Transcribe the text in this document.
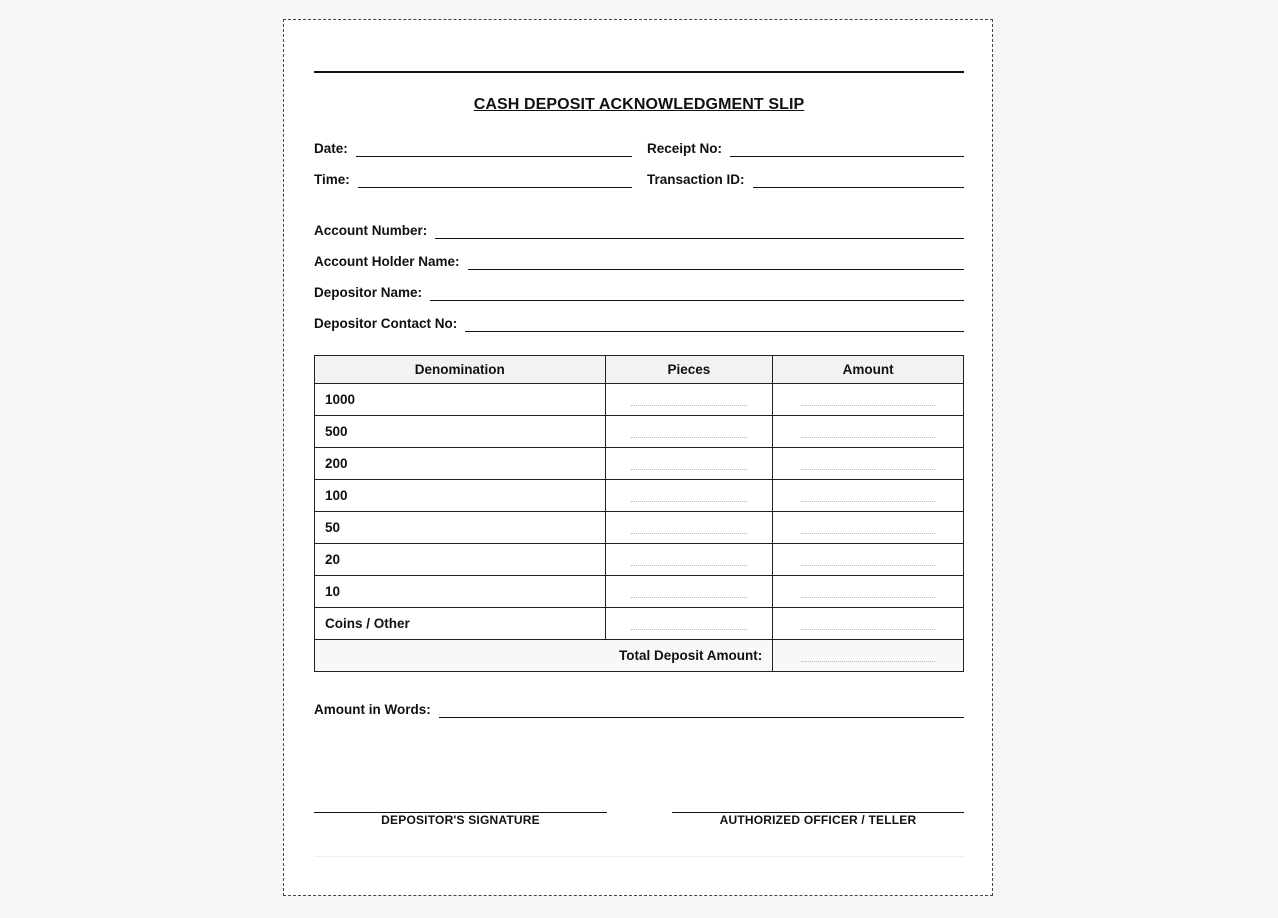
CASH DEPOSIT ACKNOWLEDGMENT SLIP
Date:	Receipt No:
Time:	Transaction ID:
Account Number:
Account Holder Name:
Depositor Name:
Depositor Contact No:
Denomination	Pieces	Amount
1000	

500	

200	

100	

50	

20	

10	

Coins / Other	

Total Deposit Amount:		
Amount in Words:
DEPOSITOR'S SIGNATURE	AUTHORIZED OFFICER / TELLER
